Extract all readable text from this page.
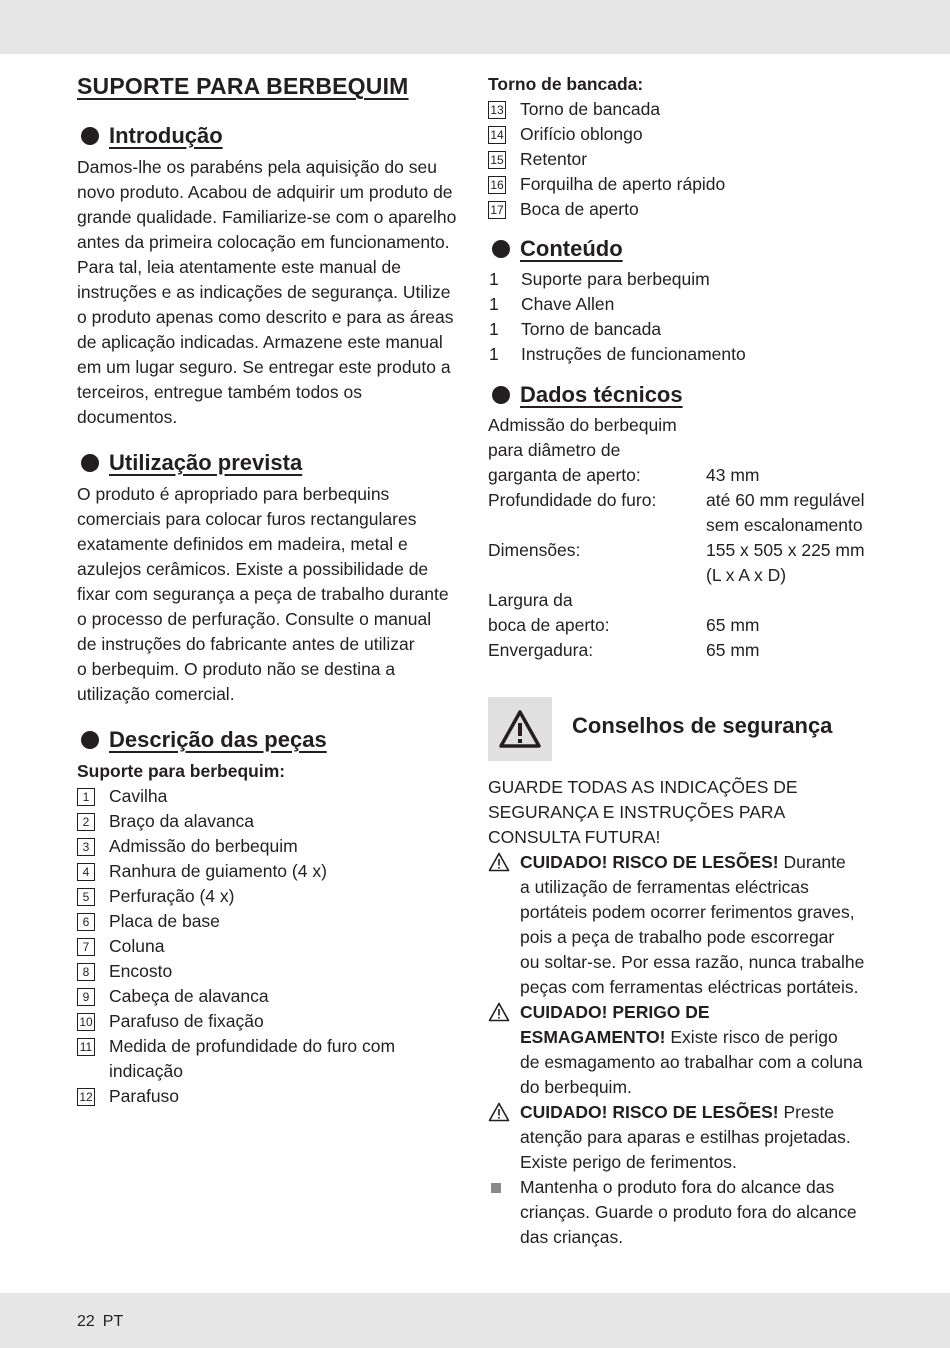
SUPORTE PARA BERBEQUIM
Introdução

Damos-lhe os parabéns pela aquisição do seu

novo produto. Acabou de adquirir um produto de

grande qualidade. Familiarize-se com o aparelho

antes da primeira colocação em funcionamento.

Para tal, leia atentamente este manual de

instruções e as indicações de segurança. Utilize

o produto apenas como descrito e para as áreas

de aplicação indicadas. Armazene este manual

em um lugar seguro. Se entregar este produto a

terceiros, entregue também todos os documentos.

Utilização prevista

O produto é apropriado para berbequins

comerciais para colocar furos rectangulares

exatamente definidos em madeira, metal e

azulejos cerâmicos. Existe a possibilidade de

fixar com segurança a peça de trabalho durante

o processo de perfuração. Consulte o manual

de instruções do fabricante antes de utilizar

o berbequim. O produto não se destina a

utilização comercial.

Descrição das peças

Suporte para berbequim:

1	Cavilha
2	Braço da alavanca
3	Admissão do berbequim
4	Ranhura de guiamento (4 x)
5	Perfuração (4 x)
6	Placa de base
7	Coluna
8	Encosto
9	Cabeça de alavanca
10 Parafuso de fixação
11 Medida de profundidade do furo com
indicação
12 Parafuso

Torno de bancada:

13 Torno de bancada
14 Orifício oblongo
15 Retentor
16 Forquilha de aperto rápido
17 Boca de aperto
Conteúdo
1	Suporte para berbequim
1	Chave Allen
1	Torno de bancada
1	Instruções de funcionamento
Dados técnicos
Admissão do berbequim
para diâmetro de
garganta de aperto:	43 mm
Profundidade do furo:	até 60 mm regulável

sem escalonamento
Dimensões:	155 x 505 x 225 mm

(L x A x D)
Largura da
boca de aperto:	65 mm
Envergadura:	65 mm
Conselhos de segurança

GUARDE TODAS AS INDICAÇÕES DE

SEGURANÇA E INSTRUÇÕES PARA

CONSULTA FUTURA!

CUIDADO! RISCO DE LESÕES! Durante

a utilização de ferramentas eléctricas

portáteis podem ocorrer ferimentos graves,

pois a peça de trabalho pode escorregar

ou soltar-se. Por essa razão, nunca trabalhe

peças com ferramentas eléctricas portáteis.

CUIDADO! PERIGO DE

ESMAGAMENTO! Existe risco de perigo

de esmagamento ao trabalhar com a coluna

do berbequim.

CUIDADO! RISCO DE LESÕES! Preste

atenção para aparas e estilhas projetadas.

Existe perigo de ferimentos.

Mantenha o produto fora do alcance das

crianças. Guarde o produto fora do alcance

das crianças.

22 PT
